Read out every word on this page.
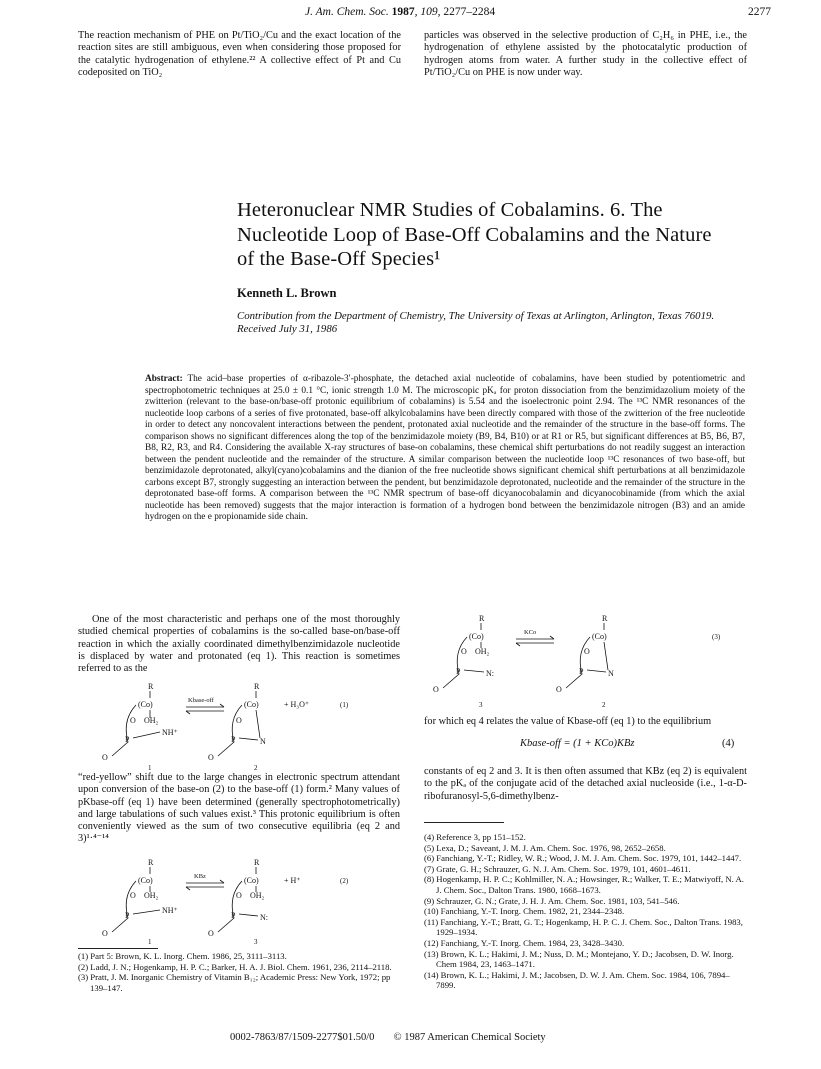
J. Am. Chem. Soc. 1987, 109, 2277–2284	2277

The reaction mechanism of PHE on Pt/TiO₂/Cu and the exact location of the reaction sites are still ambiguous, even when considering those proposed for the catalytic hydrogenation of ethylene.²² A collective effect of Pt and Cu codeposited on TiO₂

particles was observed in the selective production of C₂H₆ in PHE, i.e., the hydrogenation of ethylene assisted by the photocatalytic production of hydrogen atoms from water. A further study in the collective effect of Pt/TiO₂/Cu on PHE is now under way.

Heteronuclear NMR Studies of Cobalamins. 6. The Nucleotide Loop of Base-Off Cobalamins and the Nature of the Base-Off Species¹
Kenneth L. Brown
Contribution from the Department of Chemistry, The University of Texas at Arlington, Arlington, Texas 76019. Received July 31, 1986
Abstract: The acid–base properties of α-ribazole-3′-phosphate, the detached axial nucleotide of cobalamins, have been studied by potentiometric and spectrophotometric techniques at 25.0 ± 0.1 °C, ionic strength 1.0 M. The microscopic pKₐ for proton dissociation from the benzimidazolium moiety of the zwitterion (relevant to the base-on/base-off protonic equilibrium of cobalamins) is 5.54 and the isoelectronic point 2.94. The ¹³C NMR resonances of the nucleotide loop carbons of a series of five protonated, base-off alkylcobalamins have been directly compared with those of the zwitterion of the free nucleotide in order to detect any noncovalent interactions between the pendent, protonated axial nucleotide and the remainder of the structure in the base-off forms. The comparison shows no significant differences along the top of the benzimidazole moiety (B9, B4, B10) or at R1 or R5, but significant differences at B5, B6, B7, B8, R2, R3, and R4. Considering the available X-ray structures of base-on cobalamins, these chemical shift perturbations do not readily suggest an interaction between the pendent nucleotide and the remainder of the structure. A similar comparison between the nucleotide loop ¹³C resonances of two base-off, but benzimidazole deprotonated, alkyl(cyano)cobalamins and the dianion of the free nucleotide shows significant chemical shift perturbations at all benzimidazole carbons except B7, strongly suggesting an interaction between the pendent, but benzimidazole deprotonated, nucleotide and the remainder of the structure in the deprotonated base-off forms. A comparison between the ¹³C NMR spectrum of base-off dicyanocobalamin and dicyanocobinamide (from which the axial nucleotide has been removed) suggests that the major interaction is formation of a hydrogen bond between the benzimidazole nitrogen (B3) and an amide hydrogen on the e propionamide side chain.

One of the most characteristic and perhaps one of the most thoroughly studied chemical properties of cobalamins is the so-called base-on/base-off reaction in which the axially coordinated dimethylbenzimidazole nucleotide is displaced by water and protonated (eq 1). This reaction is sometimes referred to as the

R
(Co)
O OH₂
P
NH⁺
O
Kbase-off
R
(Co)
O
P	N
O
+ H₃O⁺	(1)
1	2

“red-yellow” shift due to the large changes in electronic spectrum attendant upon conversion of the base-on (2) to the base-off (1) form.² Many values of pKbase-off (eq 1) have been determined (generally spectrophotometrically) and large tabulations of such values exist.³ This protonic equilibrium is often conveniently viewed as the sum of two consecutive equilibria (eq 2 and 3)¹·⁴⁻¹⁴

R
(Co)
O OH₂
P
NH⁺
O
KBz
R
(Co)
O OH₂
P	N:
O
+ H⁺	(2)
1	3

(1) Part 5: Brown, K. L. Inorg. Chem. 1986, 25, 3111–3113.

(2) Ladd, J. N.; Hogenkamp, H. P. C.; Barker, H. A. J. Biol. Chem. 1961, 236, 2114–2118.

(3) Pratt, J. M. Inorganic Chemistry of Vitamin B₁₂; Academic Press: New York, 1972; pp 139–147.

R
(Co)
O OH₂
P	N:
O
KCo
R
(Co)
O
P	N
O
(3)
3	2

for which eq 4 relates the value of Kbase-off (eq 1) to the equilibrium

Kbase-off = (1 + KCo)KBz	(4)

constants of eq 2 and 3. It is then often assumed that KBz (eq 2) is equivalent to the pKₐ of the conjugate acid of the detached axial nucleoside (i.e., 1-α-D-ribofuranosyl-5,6-dimethylbenz-

(4) Reference 3, pp 151–152.

(5) Lexa, D.; Saveant, J. M. J. Am. Chem. Soc. 1976, 98, 2652–2658.

(6) Fanchiang, Y.-T.; Ridley, W. R.; Wood, J. M. J. Am. Chem. Soc. 1979, 101, 1442–1447.

(7) Grate, G. H.; Schrauzer, G. N. J. Am. Chem. Soc. 1979, 101, 4601–4611.

(8) Hogenkamp, H. P. C.; Kohlmiller, N. A.; Howsinger, R.; Walker, T. E.; Matwiyoff, N. A. J. Chem. Soc., Dalton Trans. 1980, 1668–1673.

(9) Schrauzer, G. N.; Grate, J. H. J. Am. Chem. Soc. 1981, 103, 541–546.

(10) Fanchiang, Y.-T. Inorg. Chem. 1982, 21, 2344–2348.

(11) Fanchiang, Y.-T.; Bratt, G. T.; Hogenkamp, H. P. C. J. Chem. Soc., Dalton Trans. 1983, 1929–1934.

(12) Fanchiang, Y.-T. Inorg. Chem. 1984, 23, 3428–3430.

(13) Brown, K. L.; Hakimi, J. M.; Nuss, D. M.; Montejano, Y. D.; Jacobsen, D. W. Inorg. Chem 1984, 23, 1463–1471.

(14) Brown, K. L.; Hakimi, J. M.; Jacobsen, D. W. J. Am. Chem. Soc. 1984, 106, 7894–7899.

0002-7863/87/1509-2277$01.50/0 © 1987 American Chemical Society
